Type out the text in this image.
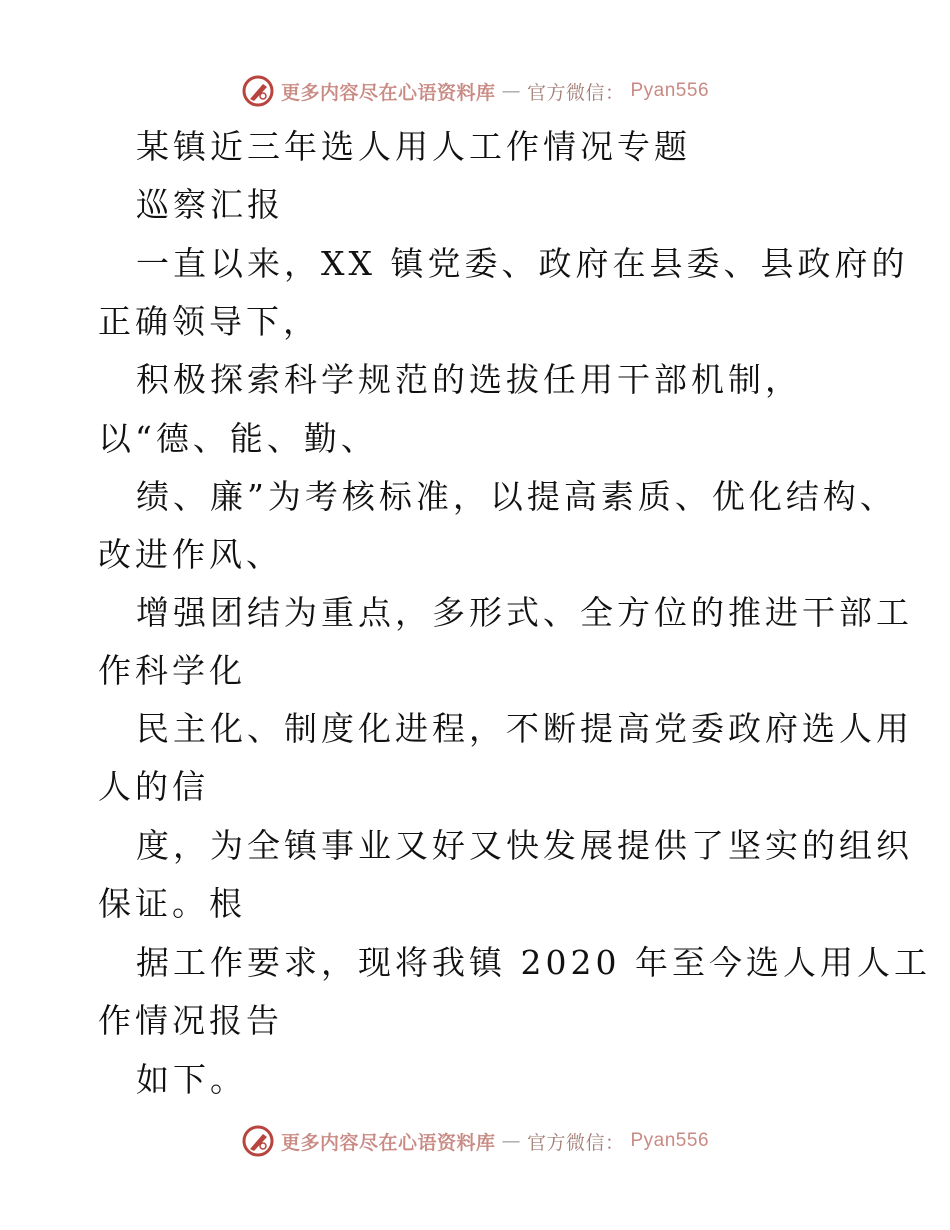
更多内容尽在心语资料库 — 官方微信： Pyan556
某镇近三年选人用人工作情况专题
巡察汇报
一直以来，XX 镇党委、政府在县委、县政府的
正确领导下，
积极探索科学规范的选拔任用干部机制，
以“德、能、勤、
绩、廉”为考核标准，以提高素质、优化结构、
改进作风、
增强团结为重点，多形式、全方位的推进干部工
作科学化
民主化、制度化进程，不断提高党委政府选人用
人的信
度，为全镇事业又好又快发展提供了坚实的组织
保证。根
据工作要求，现将我镇 2020 年至今选人用人工
作情况报告
如下。
更多内容尽在心语资料库 — 官方微信： Pyan556
